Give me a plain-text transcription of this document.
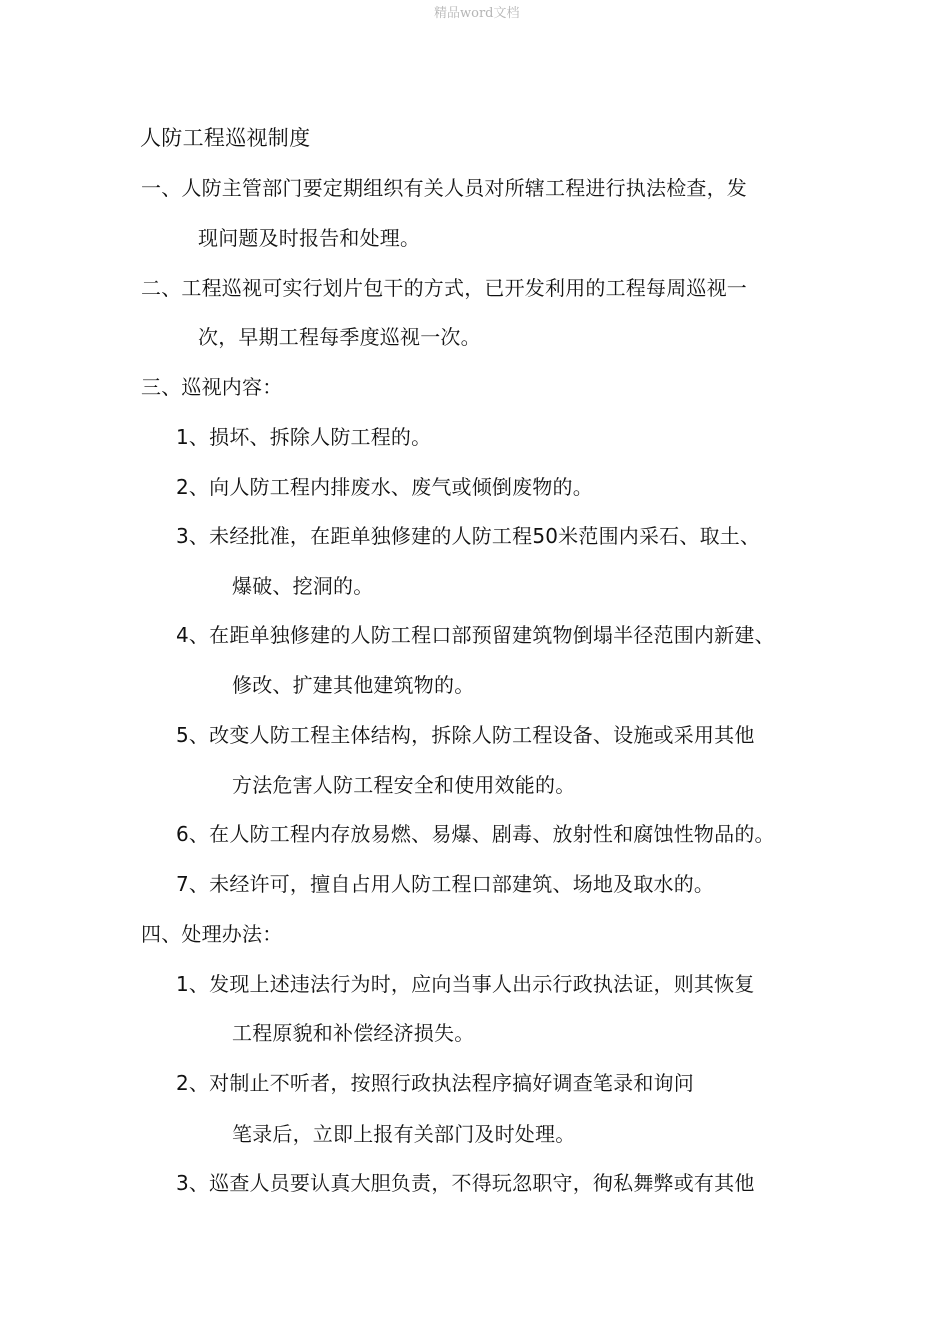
精品word文档
人防工程巡视制度
一、人防主管部门要定期组织有关人员对所辖工程进行执法检查，发
现问题及时报告和处理。
二、工程巡视可实行划片包干的方式，已开发利用的工程每周巡视一
次，早期工程每季度巡视一次。
三、巡视内容：
1、损坏、拆除人防工程的。
2、向人防工程内排废水、废气或倾倒废物的。
3、未经批准，在距单独修建的人防工程50米范围内采石、取土、
爆破、挖洞的。
4、在距单独修建的人防工程口部预留建筑物倒塌半径范围内新建、
修改、扩建其他建筑物的。
5、改变人防工程主体结构，拆除人防工程设备、设施或采用其他
方法危害人防工程安全和使用效能的。
6、在人防工程内存放易燃、易爆、剧毒、放射性和腐蚀性物品的。
7、未经许可，擅自占用人防工程口部建筑、场地及取水的。
四、处理办法：
1、发现上述违法行为时，应向当事人出示行政执法证，则其恢复
工程原貌和补偿经济损失。
2、对制止不听者，按照行政执法程序搞好调查笔录和询问
笔录后，立即上报有关部门及时处理。
3、巡查人员要认真大胆负责，不得玩忽职守，徇私舞弊或有其他
